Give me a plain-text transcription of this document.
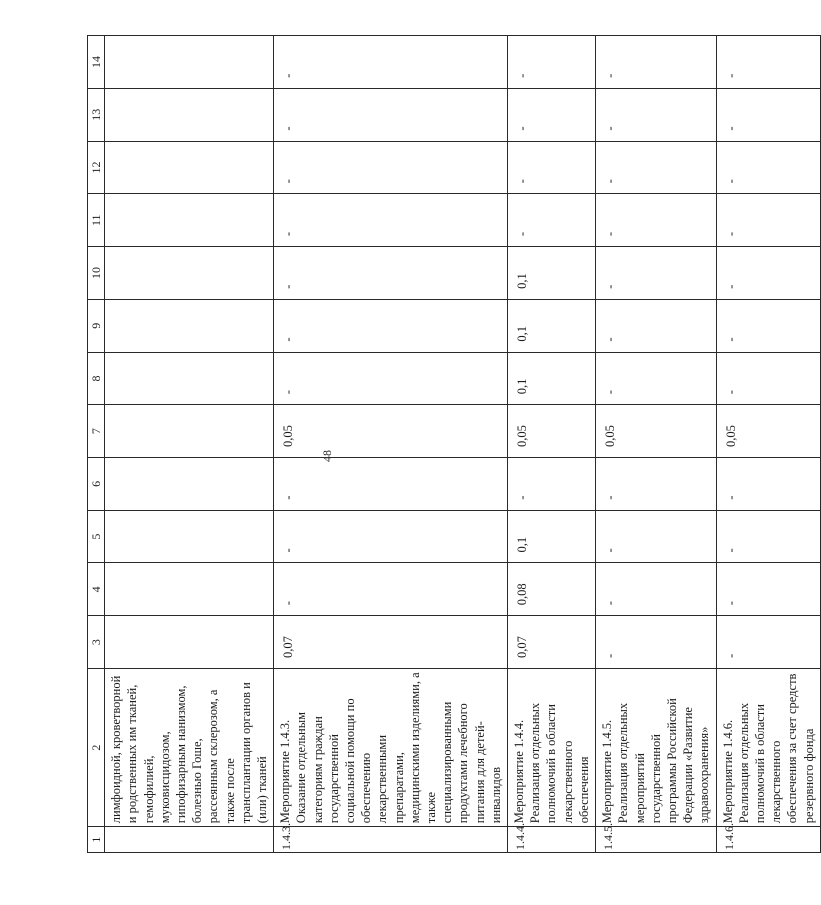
48
1	2	3	4	5	6	7	8	9	10	11	12	13	14
	лимфоидной, кроветворной и родственных им тканей, гемофилией, муковисцидозом, гипофизарным нанизмом, болезнью Гоше, рассеянным склерозом, а также после трансплантации органов и (или) тканей												
1.4.3.	Мероприятие 1.4.3. Оказание отдельным категориям граждан государственной социальной помощи по обеспечению лекарственными препаратами, медицинскими изделиями, а также специализированными продуктами лечебного питания для детей-инвалидов	0,07	-	-	-	0,05	-	-	-	-	-	-	-
1.4.4.	Мероприятие 1.4.4. Реализация отдельных полномочий в области лекарственного обеспечения	0,07	0,08	0,1	-	0,05	0,1	0,1	0,1	-	-	-	-
1.4.5.	Мероприятие 1.4.5. Реализация отдельных мероприятий государственной программы Российской Федерации «Развитие здравоохранения»	-	-	-	-	0,05	-	-	-	-	-	-	-
1.4.6.	Мероприятие 1.4.6. Реализация отдельных полномочий в области лекарственного обеспечения за счет средств резервного фонда	-	-	-	-	0,05	-	-	-	-	-	-	-
